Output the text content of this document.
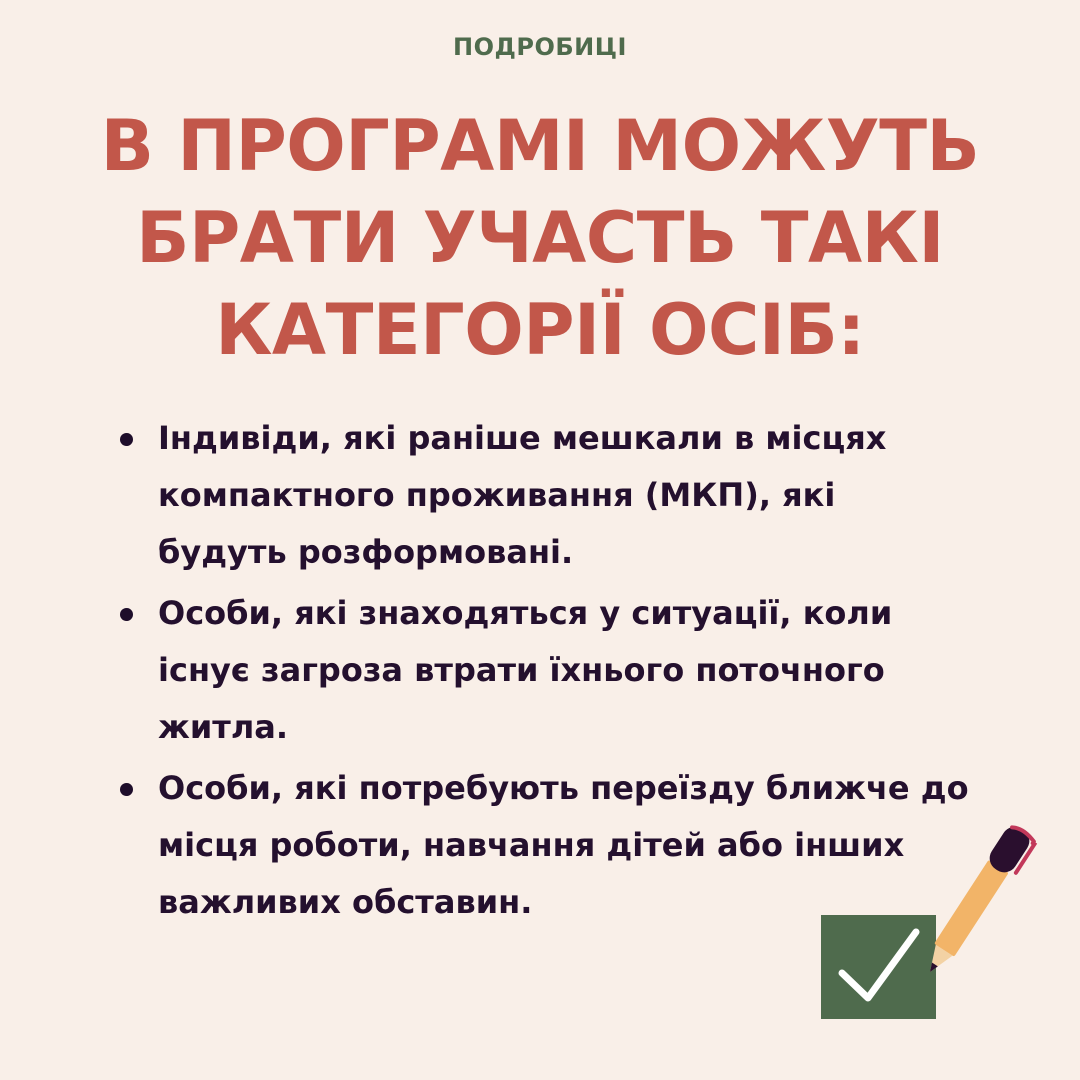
ПОДРОБИЦІ
В ПРОГРАМІ МОЖУТЬ
БРАТИ УЧАСТЬ ТАКІ
КАТЕГОРІЇ ОСІБ:
Індивіди, які раніше мешкали в місцях
компактного проживання (МКП), які
будуть розформовані.
Особи, які знаходяться у ситуації, коли
існує загроза втрати їхнього поточного
житла.
Особи, які потребують переїзду ближче до
місця роботи, навчання дітей або інших
важливих обставин.
